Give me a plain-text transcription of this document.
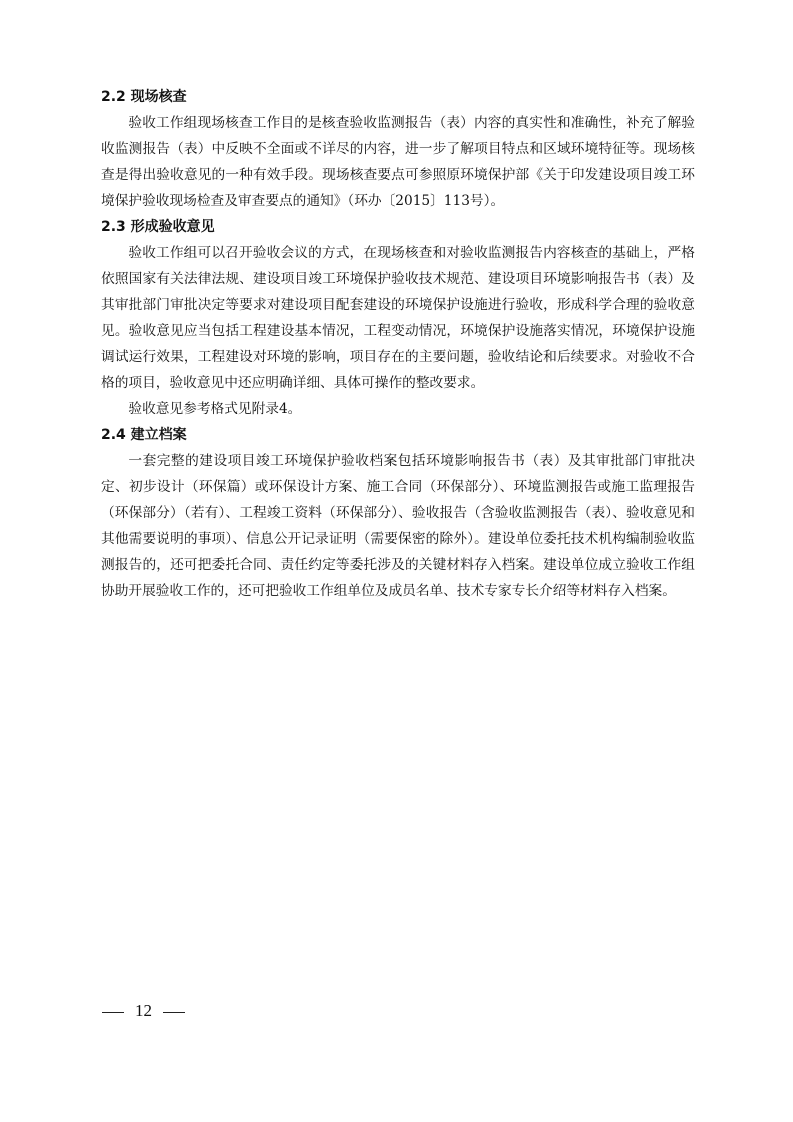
2.2 现场核查

验收工作组现场核查工作目的是核查验收监测报告（表）内容的真实性和准确性，补充了解验收监测报告（表）中反映不全面或不详尽的内容，进一步了解项目特点和区域环境特征等。现场核查是得出验收意见的一种有效手段。现场核查要点可参照原环境保护部《关于印发建设项目竣工环境保护验收现场检查及审查要点的通知》（环办〔2015〕113号）。

2.3 形成验收意见

验收工作组可以召开验收会议的方式，在现场核查和对验收监测报告内容核查的基础上，严格依照国家有关法律法规、建设项目竣工环境保护验收技术规范、建设项目环境影响报告书（表）及其审批部门审批决定等要求对建设项目配套建设的环境保护设施进行验收，形成科学合理的验收意见。验收意见应当包括工程建设基本情况，工程变动情况，环境保护设施落实情况，环境保护设施调试运行效果，工程建设对环境的影响，项目存在的主要问题，验收结论和后续要求。对验收不合格的项目，验收意见中还应明确详细、具体可操作的整改要求。

验收意见参考格式见附录4。

2.4 建立档案

一套完整的建设项目竣工环境保护验收档案包括环境影响报告书（表）及其审批部门审批决定、初步设计（环保篇）或环保设计方案、施工合同（环保部分）、环境监测报告或施工监理报告（环保部分）（若有）、工程竣工资料（环保部分）、验收报告（含验收监测报告（表）、验收意见和其他需要说明的事项）、信息公开记录证明（需要保密的除外）。建设单位委托技术机构编制验收监测报告的，还可把委托合同、责任约定等委托涉及的关键材料存入档案。建设单位成立验收工作组协助开展验收工作的，还可把验收工作组单位及成员名单、技术专家专长介绍等材料存入档案。

12
